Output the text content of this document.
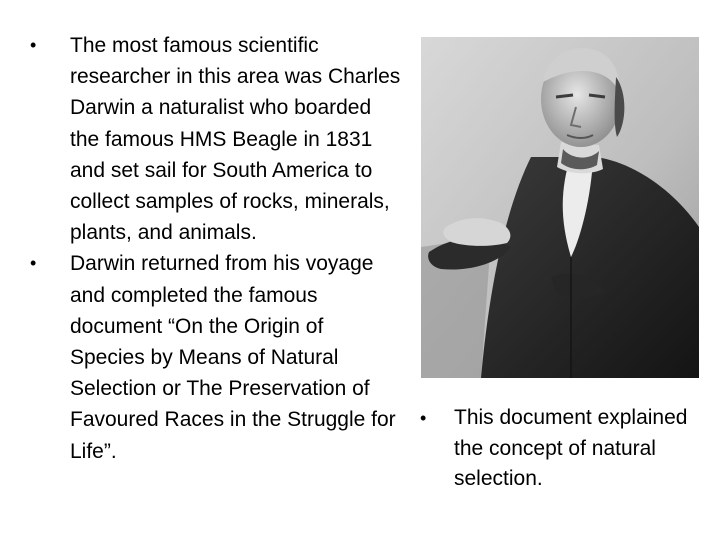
•	The most famous scientific researcher in this area was Charles Darwin a naturalist who boarded the famous HMS Beagle in 1831 and set sail for South America to collect samples of rocks, minerals, plants, and animals.
•	Darwin returned from his voyage and completed the famous document “On the Origin of Species by Means of Natural Selection or The Preservation of Favoured Races in the Struggle for Life”.
•	This document explained the concept of natural selection.
